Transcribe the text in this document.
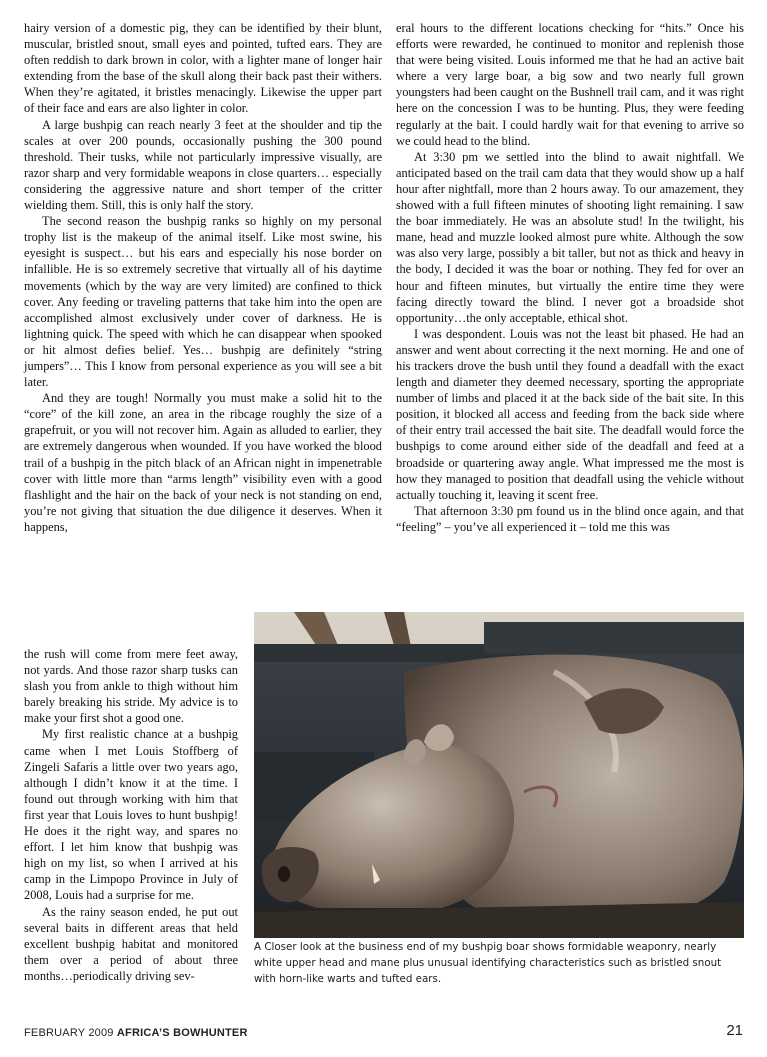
hairy version of a domestic pig, they can be identified by their blunt, muscular, bristled snout, small eyes and pointed, tufted ears. They are often reddish to dark brown in color, with a lighter mane of longer hair extending from the base of the skull along their back past their withers. When they’re agitated, it bristles menacingly. Likewise the upper part of their face and ears are also lighter in color.

A large bushpig can reach nearly 3 feet at the shoulder and tip the scales at over 200 pounds, occasionally pushing the 300 pound threshold. Their tusks, while not particularly impressive visually, are razor sharp and very formidable weapons in close quarters… especially considering the aggressive nature and short temper of the critter wielding them. Still, this is only half the story.

The second reason the bushpig ranks so highly on my personal trophy list is the makeup of the animal itself. Like most swine, his eyesight is suspect… but his ears and especially his nose border on infallible. He is so extremely secretive that virtually all of his daytime movements (which by the way are very limited) are confined to thick cover. Any feeding or traveling patterns that take him into the open are accomplished almost exclusively under cover of darkness. He is lightning quick. The speed with which he can disappear when spooked or hit almost defies belief. Yes… bushpig are definitely “string jumpers”… This I know from personal experience as you will see a bit later.

And they are tough! Normally you must make a solid hit to the “core” of the kill zone, an area in the ribcage roughly the size of a grapefruit, or you will not recover him. Again as alluded to earlier, they are extremely dangerous when wounded. If you have worked the blood trail of a bushpig in the pitch black of an African night in impenetrable cover with little more than “arms length” visibility even with a good flashlight and the hair on the back of your neck is not standing on end, you’re not giving that situation the due diligence it deserves. When it happens,

the rush will come from mere feet away, not yards. And those razor sharp tusks can slash you from ankle to thigh without him barely breaking his stride. My advice is to make your first shot a good one.

My first realistic chance at a bushpig came when I met Louis Stoffberg of Zingeli Safaris a little over two years ago, although I didn’t know it at the time. I found out through working with him that first year that Louis loves to hunt bushpig! He does it the right way, and spares no effort. I let him know that bushpig was high on my list, so when I arrived at his camp in the Limpopo Province in July of 2008, Louis had a surprise for me.

As the rainy season ended, he put out several baits in different areas that held excellent bushpig habitat and monitored them over a period of about three months…periodically driving sev-

eral hours to the different locations checking for “hits.” Once his efforts were rewarded, he continued to monitor and replenish those that were being visited. Louis informed me that he had an active bait where a very large boar, a big sow and two nearly full grown youngsters had been caught on the Bushnell trail cam, and it was right here on the concession I was to be hunting. Plus, they were feeding regularly at the bait. I could hardly wait for that evening to arrive so we could head to the blind.

At 3:30 pm we settled into the blind to await nightfall. We anticipated based on the trail cam data that they would show up a half hour after nightfall, more than 2 hours away. To our amazement, they showed with a full fifteen minutes of shooting light remaining. I saw the boar immediately. He was an absolute stud! In the twilight, his mane, head and muzzle looked almost pure white. Although the sow was also very large, possibly a bit taller, but not as thick and heavy in the body, I decided it was the boar or nothing. They fed for over an hour and fifteen minutes, but virtually the entire time they were facing directly toward the blind. I never got a broadside shot opportunity…the only acceptable, ethical shot.

I was despondent. Louis was not the least bit phased. He had an answer and went about correcting it the next morning. He and one of his trackers drove the bush until they found a deadfall with the exact length and diameter they deemed necessary, sporting the appropriate number of limbs and placed it at the back side of the bait site. In this position, it blocked all access and feeding from the back side where of their entry trail accessed the bait site. The deadfall would force the bushpigs to come around either side of the deadfall and feed at a broadside or quartering away angle. What impressed me the most is how they managed to position that deadfall using the vehicle without actually touching it, leaving it scent free.

That afternoon 3:30 pm found us in the blind once again, and that “feeling” – you’ve all experienced it – told me this was

A Closer look at the business end of my bushpig boar shows formidable weaponry, nearly white upper head and mane plus unusual identifying characteristics such as bristled snout with horn-like warts and tufted ears.
FEBRUARY 2009 AFRICA’S BOWHUNTER	21
